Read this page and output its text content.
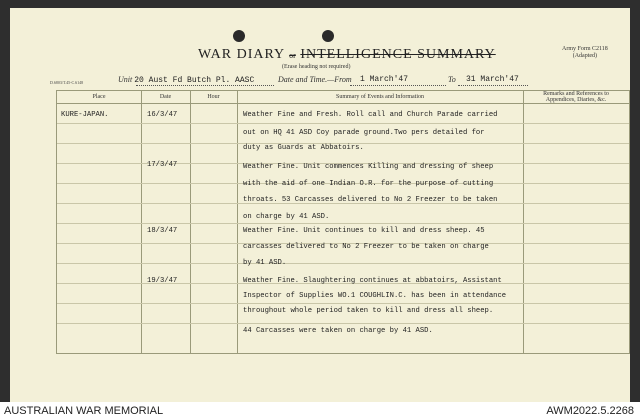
WAR DIARY or INTELLIGENCE SUMMARY
(Erase heading not required)
Army Form C2118
(Adapted)
D.6803/T.45-C.6148	Unit 20 Aust Fd Butch Pl. AASC	Date and Time.—From 1 March'47	To 31 March'47
Place	Date	Hour	Summary of Events and Information	Remarks and References to
Appendices, Diaries, &c.
KURE-JAPAN.	16/3/47	Weather Fine and Fresh. Roll call and Church Parade carried
out on HQ 41 ASD Coy parade ground.Two pers detailed for
duty as Guards at Abbatoirs.
17/3/47	Weather Fine. Unit commences Killing and dressing of sheep
with the aid of one Indian O.R. for the purpose of cutting
throats. 53 Carcasses delivered to No 2 Freezer to be taken
on charge by 41 ASD.
18/3/47	Weather Fine. Unit continues to kill and dress sheep. 45
carcasses delivered to No 2 Freezer to be taken on charge
by 41 ASD.
19/3/47	Weather Fine. Slaughtering continues at abbatoirs, Assistant
Inspector of Supplies WO.1 COUGHLIN.C. has been in attendance
throughout whole period taken to kill and dress all sheep.
44 Carcasses were taken on charge by 41 ASD.
AUSTRALIAN WAR MEMORIAL	AWM2022.5.2268
